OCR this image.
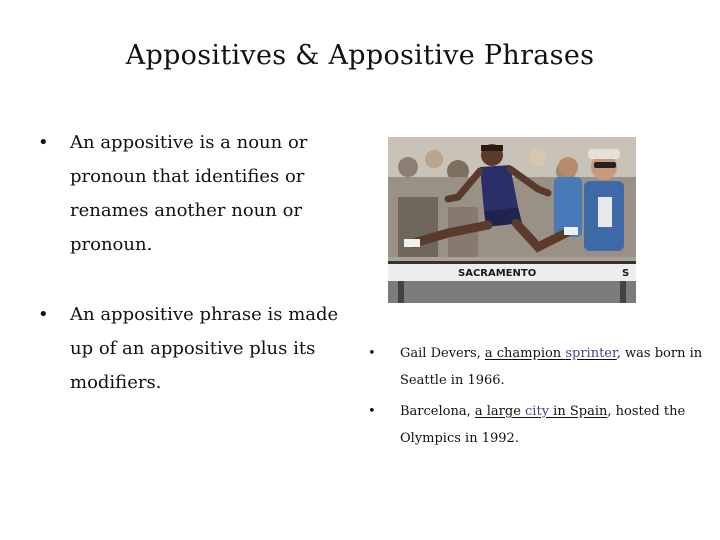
Appositives & Appositive Phrases
• An appositive is a noun or pronoun that identifies or renames another noun or pronoun.
• An appositive phrase is made up of an appositive plus its modifiers.
SACRAMENTO	S
• Gail Devers, a champion sprinter, was born in Seattle in 1966.
• Barcelona, a large city in Spain, hosted the Olympics in 1992.
